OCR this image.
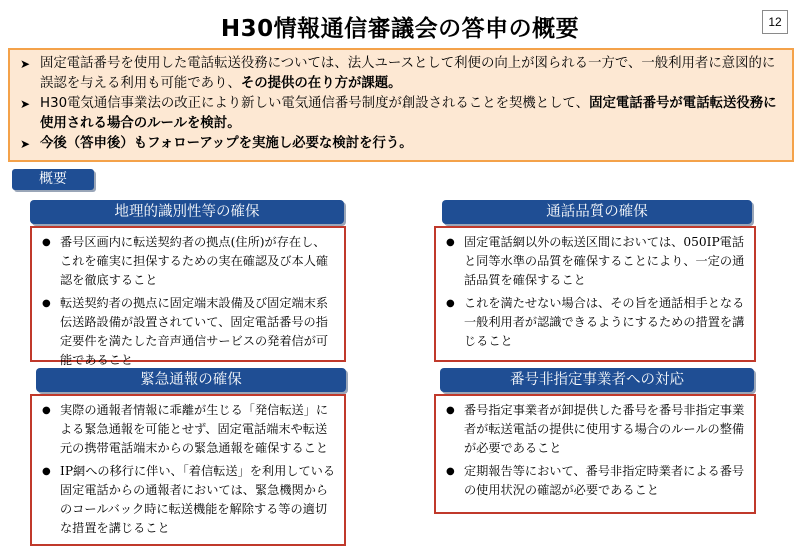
H30情報通信審議会の答申の概要	12
➤ 固定電話番号を使用した電話転送役務については、法人ユースとして利便の向上が図られる一方で、一般利用者に意図的に誤認を与える利用も可能であり、その提供の在り方が課題。
➤ H30電気通信事業法の改正により新しい電気通信番号制度が創設されることを契機として、固定電話番号が電話転送役務に使用される場合のルールを検討。
➤ 今後（答申後）もフォローアップを実施し必要な検討を行う。
概要
地理的識別性等の確保
● 番号区画内に転送契約者の拠点(住所)が存在し、これを確実に担保するための実在確認及び本人確認を徹底すること
● 転送契約者の拠点に固定端末設備及び固定端末系伝送路設備が設置されていて、固定電話番号の指定要件を満たした音声通信サービスの発着信が可能であること
通話品質の確保
● 固定電話網以外の転送区間においては、050IP電話と同等水準の品質を確保することにより、一定の通話品質を確保すること
● これを満たせない場合は、その旨を通話相手となる一般利用者が認識できるようにするための措置を講じること
緊急通報の確保
● 実際の通報者情報に乖離が生じる「発信転送」による緊急通報を可能とせず、固定電話端末や転送元の携帯電話端末からの緊急通報を確保すること
● IP網への移行に伴い、「着信転送」を利用している固定電話からの通報者においては、緊急機関からのコールバック時に転送機能を解除する等の適切な措置を講じること
番号非指定事業者への対応
● 番号指定事業者が卸提供した番号を番号非指定事業者が転送電話の提供に使用する場合のルールの整備が必要であること
● 定期報告等において、番号非指定時業者による番号の使用状況の確認が必要であること
